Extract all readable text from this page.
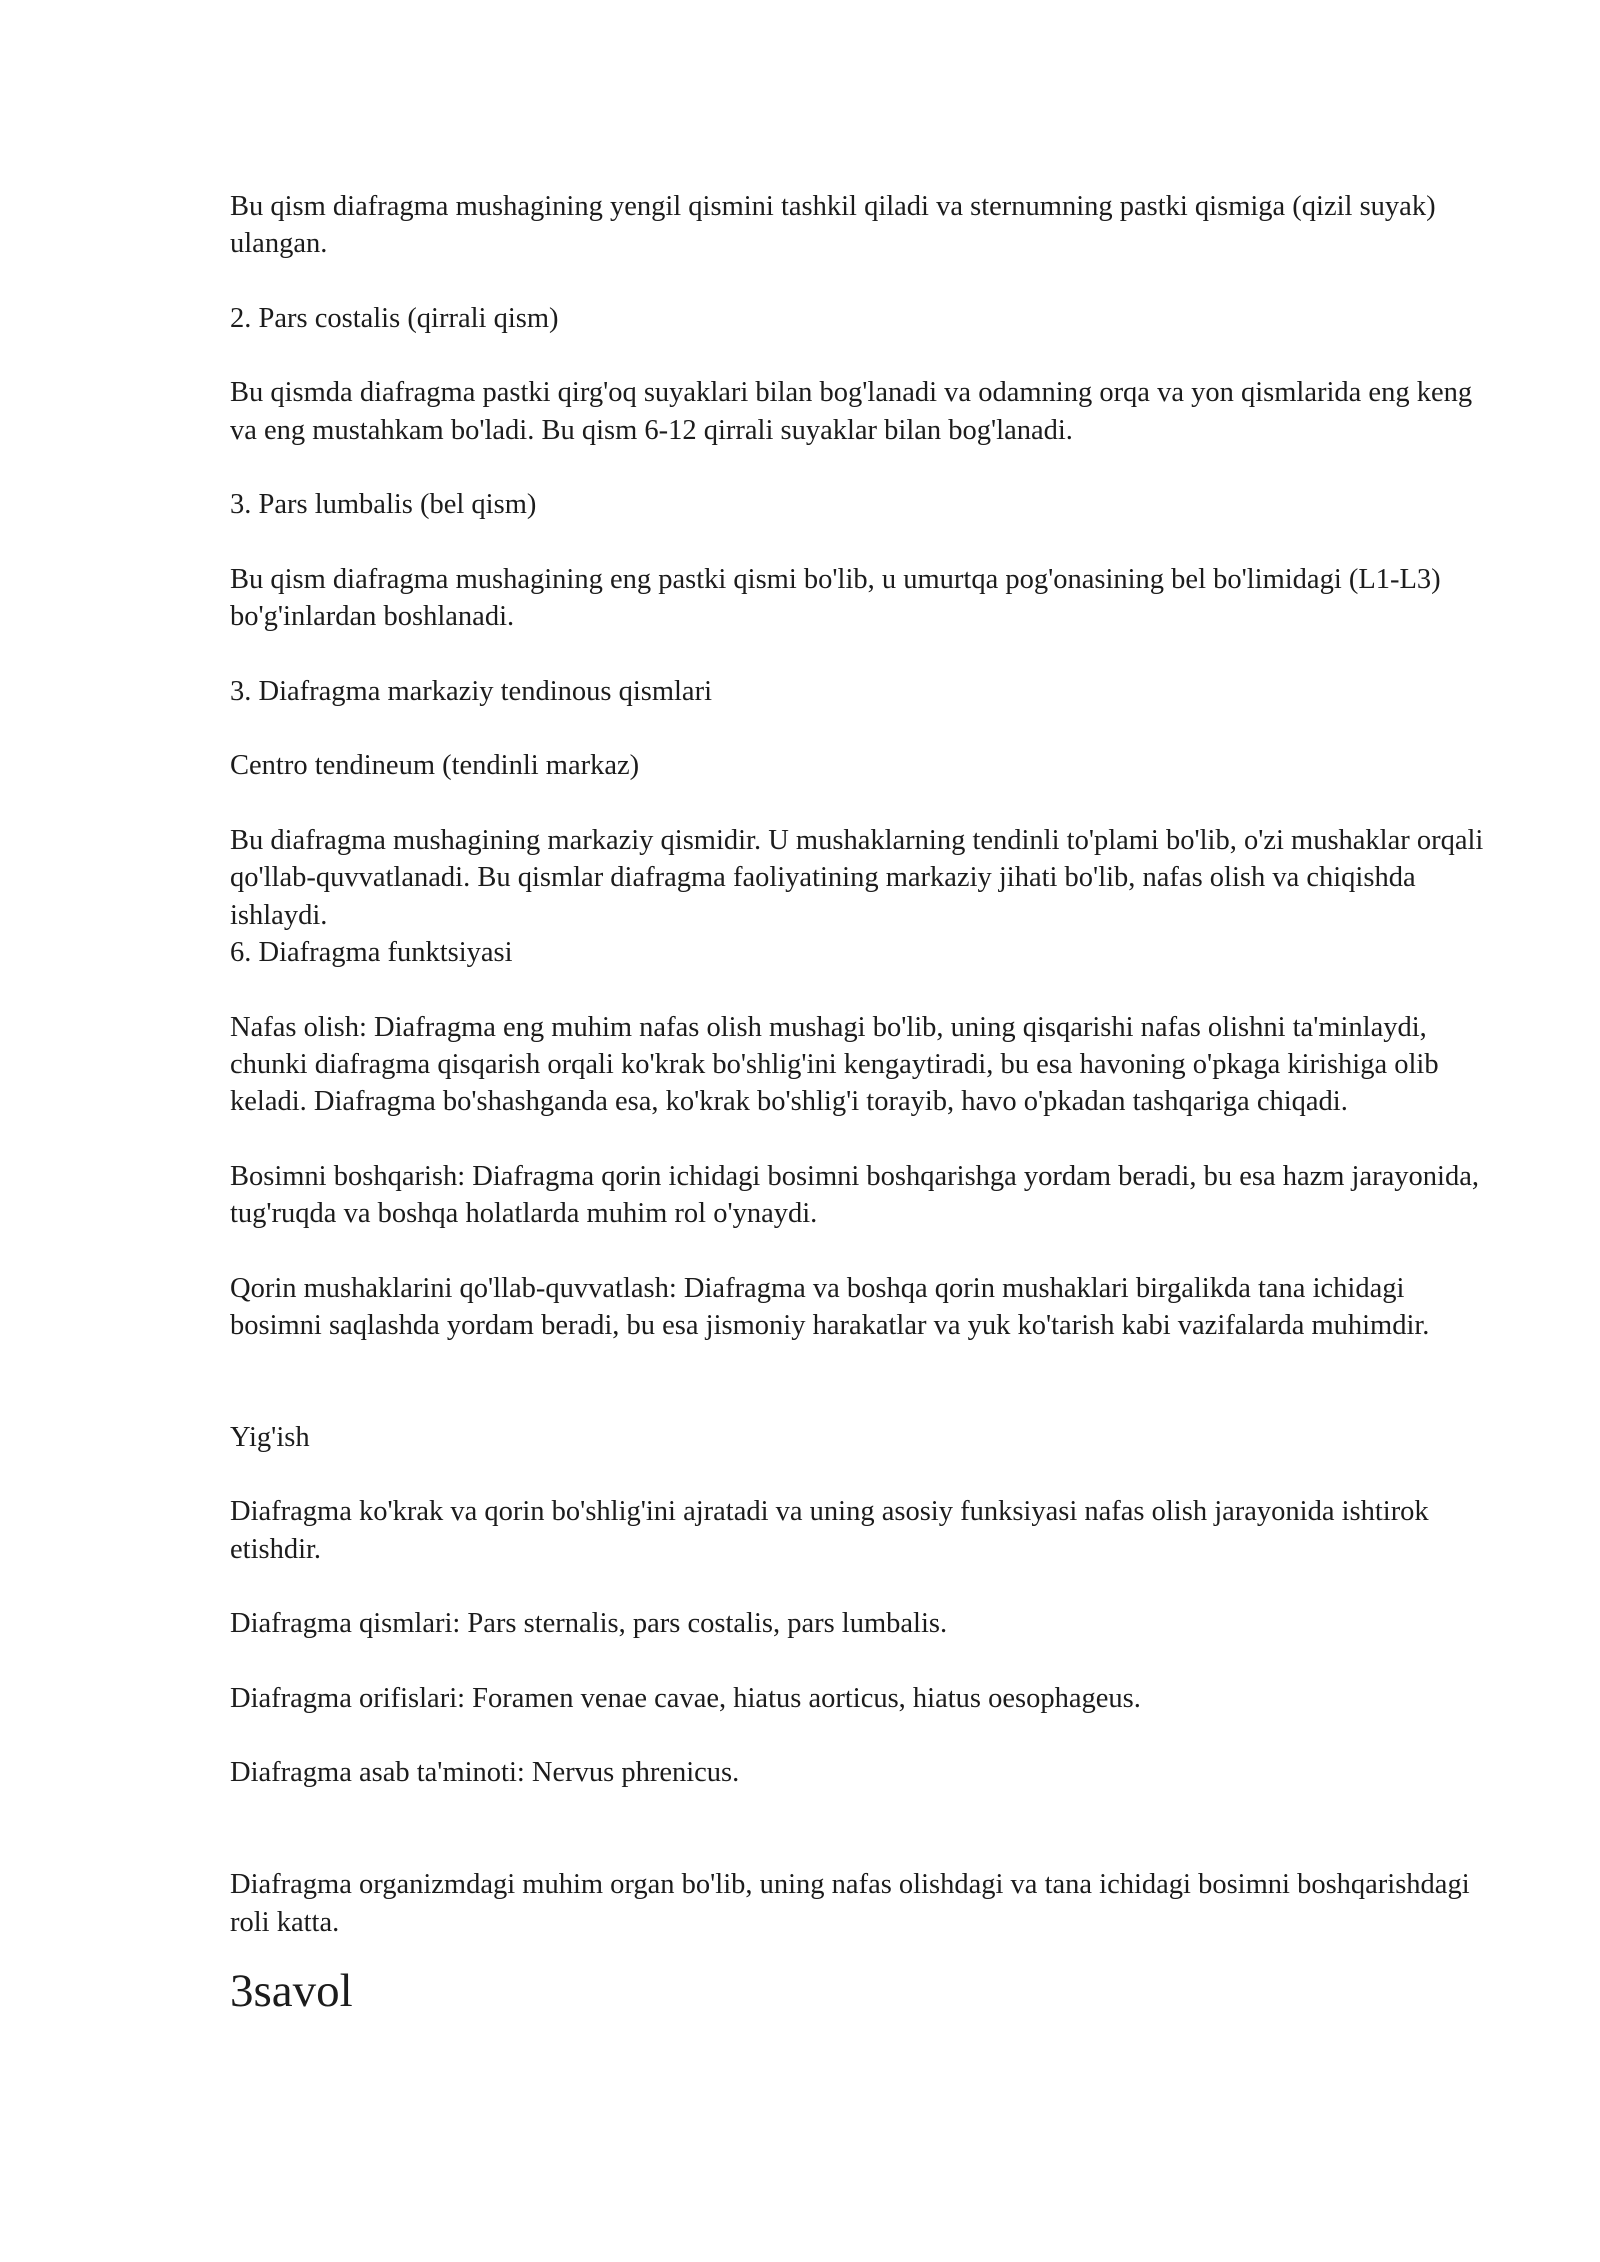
Bu qism diafragma mushagining yengil qismini tashkil qiladi va sternumning pastki qismiga (qizil suyak) ulangan.

2. Pars costalis (qirrali qism)

Bu qismda diafragma pastki qirg'oq suyaklari bilan bog'lanadi va odamning orqa va yon qismlarida eng keng va eng mustahkam bo'ladi. Bu qism 6-12 qirrali suyaklar bilan bog'lanadi.

3. Pars lumbalis (bel qism)

Bu qism diafragma mushagining eng pastki qismi bo'lib, u umurtqa pog'onasining bel bo'limidagi (L1-L3) bo'g'inlardan boshlanadi.

3. Diafragma markaziy tendinous qismlari

Centro tendineum (tendinli markaz)

Bu diafragma mushagining markaziy qismidir. U mushaklarning tendinli to'plami bo'lib, o'zi mushaklar orqali qo'llab-quvvatlanadi. Bu qismlar diafragma faoliyatining markaziy jihati bo'lib, nafas olish va chiqishda ishlaydi.

6. Diafragma funktsiyasi

Nafas olish: Diafragma eng muhim nafas olish mushagi bo'lib, uning qisqarishi nafas olishni ta'minlaydi, chunki diafragma qisqarish orqali ko'krak bo'shlig'ini kengaytiradi, bu esa havoning o'pkaga kirishiga olib keladi. Diafragma bo'shashganda esa, ko'krak bo'shlig'i torayib, havo o'pkadan tashqariga chiqadi.

Bosimni boshqarish: Diafragma qorin ichidagi bosimni boshqarishga yordam beradi, bu esa hazm jarayonida, tug'ruqda va boshqa holatlarda muhim rol o'ynaydi.

Qorin mushaklarini qo'llab-quvvatlash: Diafragma va boshqa qorin mushaklari birgalikda tana ichidagi bosimni saqlashda yordam beradi, bu esa jismoniy harakatlar va yuk ko'tarish kabi vazifalarda muhimdir.

Yig'ish

Diafragma ko'krak va qorin bo'shlig'ini ajratadi va uning asosiy funksiyasi nafas olish jarayonida ishtirok etishdir.

Diafragma qismlari: Pars sternalis, pars costalis, pars lumbalis.

Diafragma orifislari: Foramen venae cavae, hiatus aorticus, hiatus oesophageus.

Diafragma asab ta'minoti: Nervus phrenicus.

Diafragma organizmdagi muhim organ bo'lib, uning nafas olishdagi va tana ichidagi bosimni boshqarishdagi roli katta.

3savol
